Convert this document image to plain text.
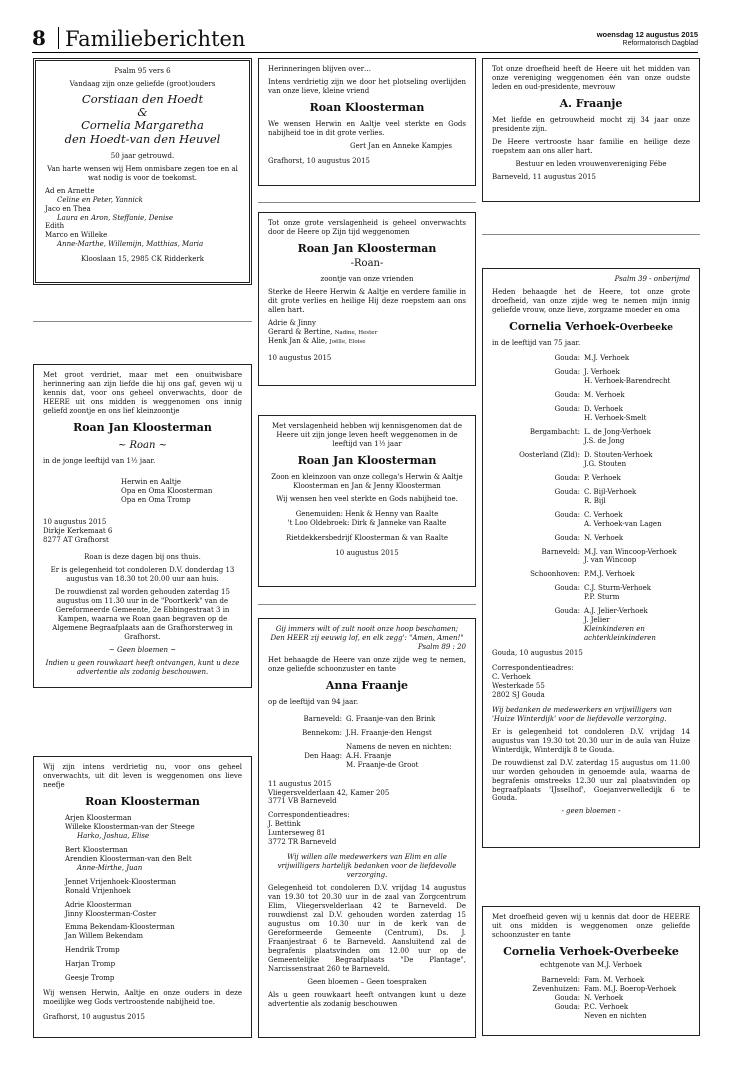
8 Familieberichten	woensdag 12 augustus 2015
Reformatorisch Dagblad

Psalm 95 vers 6

Vandaag zijn onze geliefde (groot)ouders

Corstiaan den Hoedt
&
Cornelia Margaretha
den Hoedt-van den Heuvel

50 jaar getrouwd.

Van harte wensen wij Hem onmisbare zegen toe en al wat nodig is voor de toekomst.

Ad en Arnette
Celine en Peter, Yannick
Jaco en Thea
Laura en Aron, Steffanie, Denise
Edith
Marco en Willeke
Anne-Marthe, Willemijn, Matthias, Maria

Klooslaan 15, 2985 CK Ridderkerk

Met groot verdriet, maar met een onuitwisbare herinnering aan zijn liefde die hij ons gaf, geven wij u kennis dat, voor ons geheel onverwachts, door de HEERE uit ons midden is weggenomen ons innig geliefd zoontje en ons lief kleinzoontje

Roan Jan Kloosterman
~ Roan ~

in de jonge leeftijd van 1½ jaar.

Herwin en Aaltje
Opa en Oma Kloosterman
Opa en Oma Tromp
10 augustus 2015
Dirkje Kerkemaat 6
8277 AT Grafhorst

Roan is deze dagen bij ons thuis.

Er is gelegenheid tot condoleren D.V. donderdag 13 augustus van 18.30 tot 20.00 uur aan huis.

De rouwdienst zal worden gehouden zaterdag 15 augustus om 11.30 uur in de "Poortkerk" van de Gereformeerde Gemeente, 2e Ebbingestraat 3 in Kampen, waarna we Roan gaan begraven op de Algemene Begraafplaats aan de Grafhorsterweg in Grafhorst.

~ Geen bloemen ~

Indien u geen rouwkaart heeft ontvangen, kunt u deze advertentie als zodanig beschouwen.

Wij zijn intens verdrietig nu, voor ons geheel onverwachts, uit dit leven is weggenomen ons lieve neefje

Roan Kloosterman
Arjen Kloosterman
Willeke Kloosterman-van der Steege
Harko, Joshua, Elise
Bert Kloosterman
Arendien Kloosterman-van den Belt
Anne-Mirthe, Juan
Jennet Vrijenhoek-Kloosterman
Ronald Vrijenhoek
Adrie Kloosterman
Jinny Kloosterman-Coster
Emma Bekendam-Kloosterman
Jan Willem Bekendam
Hendrik Tromp
Harjan Tromp
Geesje Tromp

Wij wensen Herwin, Aaltje en onze ouders in deze moeilijke weg Gods vertroostende nabijheid toe.

Grafhorst, 10 augustus 2015

Herinneringen blijven over…

Intens verdrietig zijn we door het plotseling overlijden van onze lieve, kleine vriend

Roan Kloosterman

We wensen Herwin en Aaltje veel sterkte en Gods nabijheid toe in dit grote verlies.

Gert Jan en Anneke Kampjes

Grafhorst, 10 augustus 2015

Tot onze grote verslagenheid is geheel onverwachts door de Heere op Zijn tijd weggenomen

Roan Jan Kloosterman
-Roan-

zoontje van onze vrienden

Sterke de Heere Herwin & Aaltje en verdere familie in dit grote verlies en heilige Hij deze roepstem aan ons allen hart.

Adrie & Jinny
Gerard & Bertine, Nadine, Hester
Henk Jan & Alie, Joëlle, Eloise

10 augustus 2015

Met verslagenheid hebben wij kennisgenomen dat de Heere uit zijn jonge leven heeft weggenomen in de leeftijd van 1½ jaar

Roan Jan Kloosterman

Zoon en kleinzoon van onze collega's Herwin & Aaltje Kloosterman en Jan & Jenny Kloosterman

Wij wensen hen veel sterkte en Gods nabijheid toe.

Genemuiden: Henk & Henny van Raalte
't Loo Oldebroek: Dirk & Janneke van Raalte

Rietdekkersbedrijf Kloosterman & van Raalte

10 augustus 2015

Gij immers wilt of zult nooit onze hoop beschamen; Den HEER zij eeuwig lof, en elk zegg': "Amen, Amen!"

Psalm 89 : 20

Het behaagde de Heere van onze zijde weg te nemen, onze geliefde schoonzuster en tante

Anna Fraanje

op de leeftijd van 94 jaar.

Barneveld: G. Fraanje-van den Brink
Bennekom: J.H. Fraanje-den Hengst
Namens de neven en nichten:
Den Haag: A.H. Fraanje
M. Fraanje-de Groot
11 augustus 2015
Vliegersvelderlaan 42, Kamer 205
3771 VB Barneveld
Correspondentieadres:
J. Bettink
Lunterseweg 81
3772 TR Barneveld

Wij willen alle medewerkers van Elim en alle vrijwilligers hartelijk bedanken voor de liefdevolle verzorging.

Gelegenheid tot condoleren D.V. vrijdag 14 augustus van 19.30 tot 20.30 uur in de zaal van Zorgcentrum Elim, Vliegersvelderlaan 42 te Barneveld. De rouwdienst zal D.V. gehouden worden zaterdag 15 augustus om 10.30 uur in de kerk van de Gereformeerde Gemeente (Centrum), Ds. J. Fraanjestraat 6 te Barneveld. Aansluitend zal de begrafenis plaatsvinden om 12.00 uur op de Gemeentelijke Begraafplaats "De Plantage", Narcissenstraat 260 te Barneveld.

Geen bloemen – Geen toespraken

Als u geen rouwkaart heeft ontvangen kunt u deze advertentie als zodanig beschouwen

Tot onze droefheid heeft de Heere uit het midden van onze vereniging weggenomen één van onze oudste leden en oud-presidente, mevrouw

A. Fraanje

Met liefde en getrouwheid mocht zij 34 jaar onze presidente zijn.

De Heere vertrooste haar familie en heilige deze roepstem aan ons aller hart.

Bestuur en leden vrouwenvereniging Fébe

Barneveld, 11 augustus 2015

Psalm 39 - onberijmd

Heden behaagde het de Heere, tot onze grote droefheid, van onze zijde weg te nemen mijn innig geliefde vrouw, onze lieve, zorgzame moeder en oma

Cornelia Verhoek-Overbeeke

in de leeftijd van 75 jaar.

Gouda: M.J. Verhoek
Gouda: J. Verhoek
H. Verhoek-Barendrecht
Gouda: M. Verhoek
Gouda: D. Verhoek
H. Verhoek-Smelt
Bergambacht: L. de Jong-Verhoek
J.S. de Jong
Oosterland (Zld): D. Stouten-Verhoek
J.G. Stouten
Gouda: P. Verhoek
Gouda: C. Bijl-Verhoek
R. Bijl
Gouda: C. Verhoek
A. Verhoek-van Lagen
Gouda: N. Verhoek
Barneveld: M.J. van Wincoop-Verhoek
J. van Wincoop
Schoonhoven: P.M.J. Verhoek
Gouda: C.J. Sturm-Verhoek
P.P. Sturm
Gouda: A.J. Jelier-Verhoek
J. Jelier
Kleinkinderen en achterkleinkinderen

Gouda, 10 augustus 2015

Correspondentieadres:
C. Verhoek
Westerkade 55
2802 SJ Gouda

Wij bedanken de medewerkers en vrijwilligers van 'Huize Winterdijk' voor de liefdevolle verzorging.

Er is gelegenheid tot condoleren D.V. vrijdag 14 augustus van 19.30 tot 20.30 uur in de aula van Huize Winterdijk, Winterdijk 8 te Gouda.

De rouwdienst zal D.V. zaterdag 15 augustus om 11.00 uur worden gehouden in genoemde aula, waarna de begrafenis omstreeks 12.30 uur zal plaatsvinden op begraafplaats 'IJsselhof', Goejanverwelledijk 6 te Gouda.

- geen bloemen -

Met droefheid geven wij u kennis dat door de HEERE uit ons midden is weggenomen onze geliefde schoonzuster en tante

Cornelia Verhoek-Overbeeke

echtgenote van M.J. Verhoek

Barneveld: Fam. M. Verhoek
Zevenhuizen: Fam. M.J. Boerop-Verhoek
Gouda: N. Verhoek
Gouda: P.C. Verhoek
Neven en nichten
